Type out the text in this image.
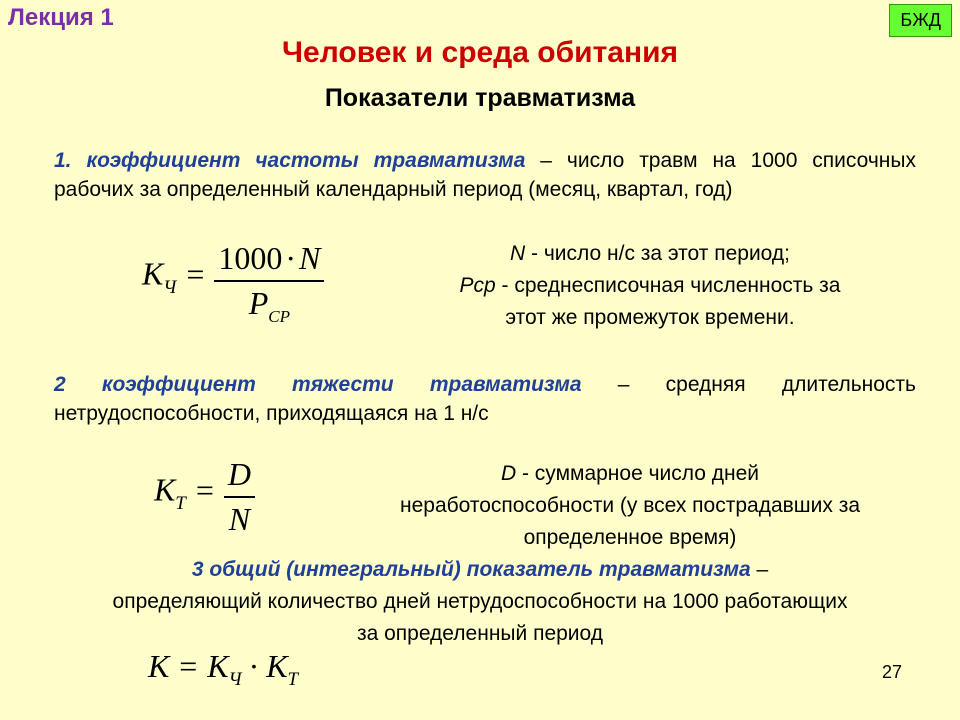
Лекция 1	БЖД
Человек и среда обитания
Показатели травматизма
1. коэффициент частоты травматизма – число травм на 1000 списочных рабочих за определенный календарный период (месяц, квартал, год)
КЧ = $\frac{1000\cdot N}{Р_{СР}}$	N - число н/с за этот период;
Pср - среднесписочная численность за
этот же промежуток времени.
2 коэффициент тяжести травматизма – средняя длительность нетрудоспособности, приходящаяся на 1 н/с
КТ = $\frac{D}{N}$	D - суммарное число дней
неработоспособности (у всех пострадавших за
определенное время)
3 общий (интегральный) показатель травматизма –
определяющий количество дней нетрудоспособности на 1000 работающих
за определенный период
К = КЧ · КТ	27
